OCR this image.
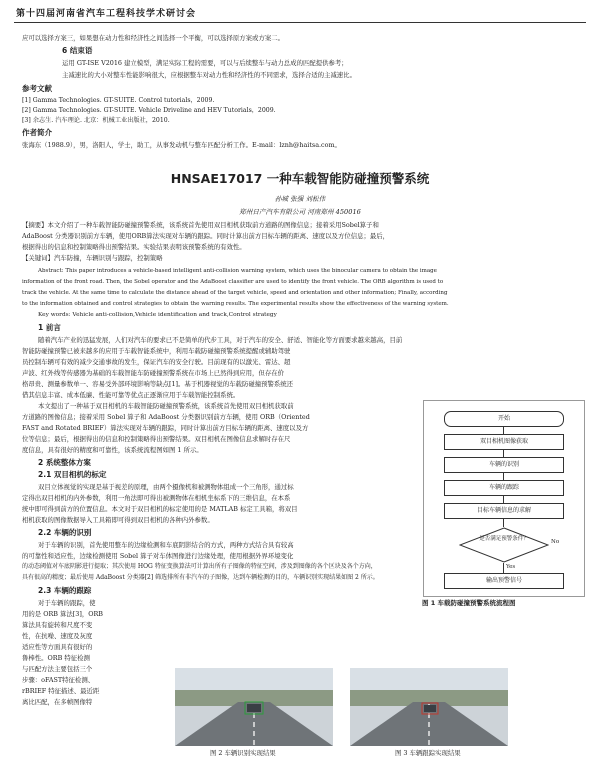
第十四届河南省汽车工程科技学术研讨会
应可以选择方案三，如果想在动力性和经济性之间选择一个平衡，可以选择原方案或方案二。
6 结束语
运用 GT-ISE V2016 建立模型，满足实际工程的需要，可以与后续整车与动力总成的匹配提供参考；
主减速比的大小对整车性能影响很大，应根据整车对动力性和经济性的不同需求，选择合适的主减速比。
参考文献
[1] Gamma Technologies. GT-SUITE. Control tutorials，2009.
[2] Gamma Technologies. GT-SUITE. Vehicle Driveline and HEV Tutorials，2009.
[3] 余志生. 汽车理论. 北京：机械工业出版社，2010.
作者简介
张海东（1988.9），男，洛阳人，学士，助工，从事发动机与整车匹配分析工作。E-mail：lznh@haitsa.com。
HNSAE17017 一种车载智能防碰撞预警系统
孙城 张强 刘松伟
郑州日产汽车有限公司 河南郑州 450016
【摘要】本文介绍了一种车载智能防碰撞预警系统，该系统首先使用双目相机获取前方道路的图像信息；接着采用Sobel算子和
AdaBoost 分类器识别前方车辆，使用ORB算法实现对车辆的跟踪。同时计算出前方目标车辆的距离、速度以及方位信息；最后，
根据得出的信息和控制策略得出预警结果。实验结果表明该预警系统的有效性。
【关键词】汽车防撞，车辆识别与跟踪，控制策略
Abstract: This paper introduces a vehicle-based intelligent anti-collision warning system, which uses the binocular camera to obtain the image
information of the front road. Then, the Sobel operator and the AdaBoost classifier are used to identify the front vehicle. The ORB algorithm is used to
track the vehicle. At the same time to calculate the distance ahead of the target vehicle, speed and orientation and other information; Finally, according
to the information obtained and control strategies to obtain the warning results. The experimental results show the effectiveness of the warning system.
Key words: Vehicle anti-collision,Vehicle identification and track,Control strategy
1 前言
随着汽车产业的迅猛发展，人们对汽车的要求已不是简单的代步工具，对于汽车的安全、舒适、智能化等方面要求越来越高，目前
智能防碰撞预警已被来越多的应用于车载智能系统中，利用车载防碰撞预警系统提醒或辅助驾驶
员控制车辆可有效的减少交通事故的发生，保证汽车的安全行驶。目前现有的以激光、雷达、超
声波、红外线等传感器为基础的车载智能车防碰撞预警系统在市场上已然得到应用，但存在价
格昂贵、测量参数单一、容易受外部环境影响等缺点[1]。基于机器视觉的车载防碰撞预警系统还
借其信息丰富、成本低廉、性能可靠等优点正逐渐应用于车载智能控制系统。
本文提出了一种基于双目相机的车载智能防碰撞预警系统，该系统首先使用双目相机获取前
方道路的图像信息；接着采用 Sobel 算子和 AdaBoost 分类器识别前方车辆，使用 ORB（Oriented
FAST and Rotated BRIEF）算法实现对车辆的跟踪，同时计算出前方目标车辆的距离、速度以及方
位等信息；最后，根据得出的信息和控制策略得出预警结果。双目相机在图像信息求解时存在尺
度信息，具有很好的精度和可靠性，该系统流程图如图 1 所示。
2 系统整体方案
2.1 双目相机的标定
双目立体视觉的实现是基于视差的原理，由两个摄像机和被测物体组成一个三角形，通过标
定得出双目相机的内外参数，利用一角法即可得出被测物体在相机坐标系下的三维信息，在本系
统中即可得到前方的位置信息。本文对于双目相机的标定使用的是 MATLAB 标定工具箱，将双目
相机获取的图像数据导入工具箱即可得到双目相机的各种内外参数。
2.2 车辆的识别
对于车辆的识别，首先使用整车的边缘检测和车底阴影结合的方式，两种方式结合具有较高
的可靠性和适应性，边缘检测使用 Sobel 算子对车体图像进行边缘处理，使用根据外界环境变化
的动态阈值对车底阴影进行提取；其次使用 HOG 特征变换算法可计算出所有子图像的特征空间，涉及到图像的各个区块及各个方向，
具有很高的精度；最后使用 AdaBoost 分类器[2] 筛选排所有非汽车的子图像，达到车辆检测的目的，车辆识别实现结果如图 2 所示。
2.3 车辆的跟踪
对于车辆的跟踪，使
用的是 ORB 算法[3]，ORB
算法具有旋转和尺度不变
性，在抗噪、速度及灰度
适应性等方面具有很好的
鲁棒性。ORB 特征检测
与匹配方法主要包括三个
步骤：oFAST特征检测、
rBRIEF 特征描述、最近距
离比匹配，在多帧图像特
开始
双目相机图像获取
车辆的识别
车辆的跟踪
目标车辆信息的求解
是否满足预警条件？	No
Yes
输出预警信号
图 1 车载防碰撞预警系统流程图
图 2 车辆识别实现结果	图 3 车辆跟踪实现结果
